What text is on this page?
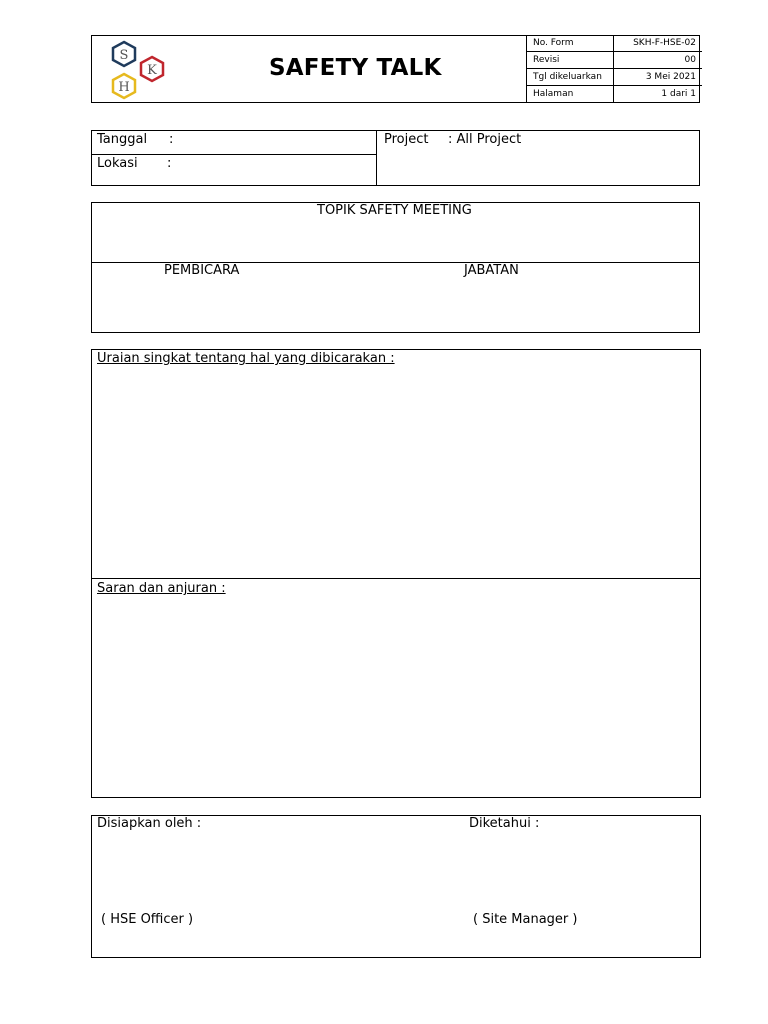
S
K
H
SAFETY TALK
No. Form	SKH-F-HSE-02
Revisi	00
Tgl dikeluarkan	3 Mei 2021
Halaman	1 dari 1
Tanggal :
Lokasi :
Project : All Project
TOPIK SAFETY MEETING
PEMBICARA	JABATAN
Uraian singkat tentang hal yang dibicarakan :
Saran dan anjuran :
Disiapkan oleh :	Diketahui :
( HSE Officer )	( Site Manager )
